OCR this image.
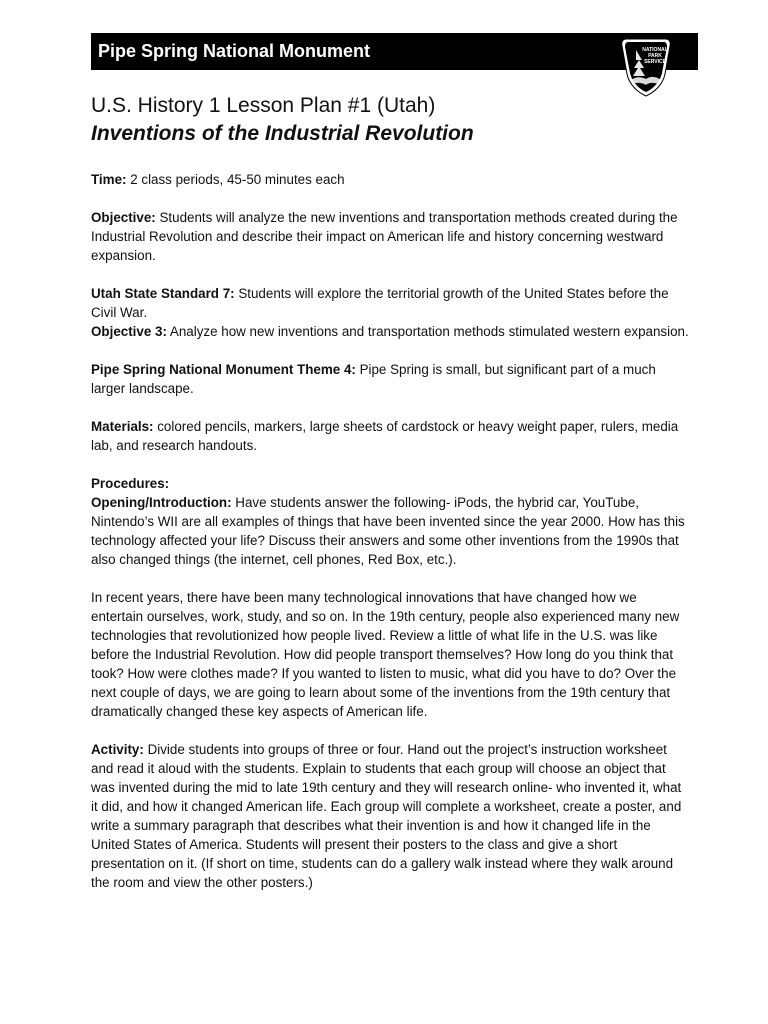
Pipe Spring National Monument	NATIONAL
PARK
SERVICE
U.S. History 1 Lesson Plan #1 (Utah)
Inventions of the Industrial Revolution

Time: 2 class periods, 45-50 minutes each

Objective: Students will analyze the new inventions and transportation methods created during the Industrial Revolution and describe their impact on American life and history concerning westward expansion.

Utah State Standard 7: Students will explore the territorial growth of the United States before the Civil War.

Objective 3: Analyze how new inventions and transportation methods stimulated western expansion.

Pipe Spring National Monument Theme 4: Pipe Spring is small, but significant part of a much larger landscape.

Materials: colored pencils, markers, large sheets of cardstock or heavy weight paper, rulers, media lab, and research handouts.

Procedures:

Opening/Introduction: Have students answer the following- iPods, the hybrid car, YouTube, Nintendo’s WII are all examples of things that have been invented since the year 2000. How has this technology affected your life? Discuss their answers and some other inventions from the 1990s that also changed things (the internet, cell phones, Red Box, etc.).

In recent years, there have been many technological innovations that have changed how we entertain ourselves, work, study, and so on. In the 19th century, people also experienced many new technologies that revolutionized how people lived. Review a little of what life in the U.S. was like before the Industrial Revolution. How did people transport themselves? How long do you think that took? How were clothes made? If you wanted to listen to music, what did you have to do? Over the next couple of days, we are going to learn about some of the inventions from the 19th century that dramatically changed these key aspects of American life.

Activity: Divide students into groups of three or four. Hand out the project’s instruction worksheet and read it aloud with the students. Explain to students that each group will choose an object that was invented during the mid to late 19th century and they will research online- who invented it, what it did, and how it changed American life. Each group will complete a worksheet, create a poster, and write a summary paragraph that describes what their invention is and how it changed life in the United States of America. Students will present their posters to the class and give a short presentation on it. (If short on time, students can do a gallery walk instead where they walk around the room and view the other posters.)
